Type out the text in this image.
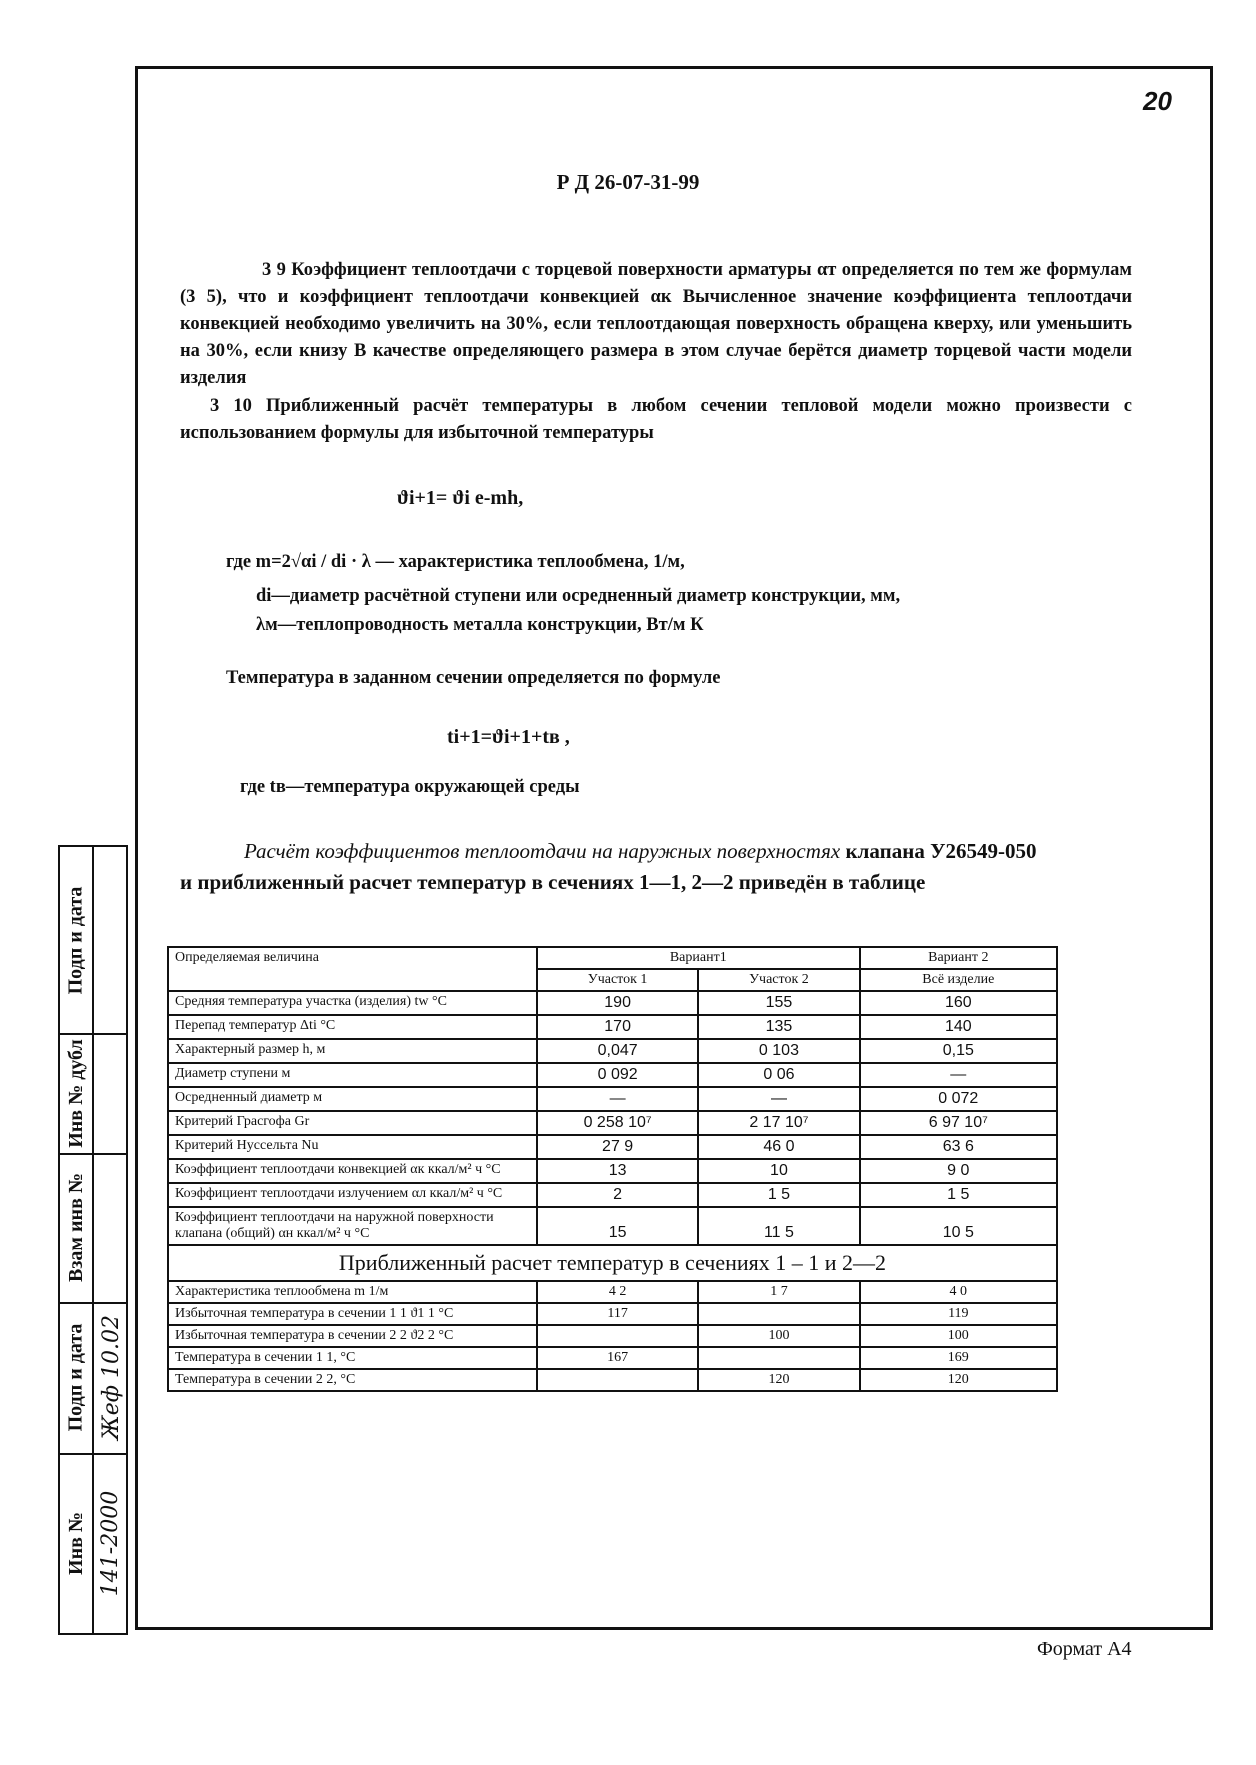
20
Р Д 26-07-31-99

3 9 Коэффициент теплоотдачи с торцевой поверхности арматуры αт определяется по тем же формулам (3 5), что и коэффициент теплоотдачи конвекцией αк Вычисленное значение коэффициента теплоотдачи конвекцией необходимо увеличить на 30%, если теплоотдающая поверхность обращена кверху, или уменьшить на 30%, если книзу В качестве определяющего размера в этом случае берётся диаметр торцевой части модели изделия

3 10 Приближенный расчёт температуры в любом сечении тепловой модели можно произвести с использованием формулы для избыточной температуры

ϑi+1= ϑi e-mh,
где m=2√αi / di · λ — характеристика теплообмена, 1/м,
di—диаметр расчётной ступени или осредненный диаметр конструкции, мм,
λм—теплопроводность металла конструкции, Вт/м К
Температура в заданном сечении определяется по формуле
ti+1=ϑi+1+tв ,
где tв—температура окружающей среды
Расчёт коэффициентов теплоотдачи на наружных поверхностях клапана У26549-050
и приближенный расчет температур в сечениях 1—1, 2—2 приведён в таблице
Определяемая величина	Вариант1		Вариант 2
	Участок 1	Участок 2	Всё изделие
Средняя температура участка (изделия) tw °С	190	155	160
Перепад температур Δti °С	170	135	140
Характерный размер h, м	0,047	0 103	0,15
Диаметр ступени м	0 092	0 06	—
Осредненный диаметр м	—	—	0 072
Критерий Грасгофа Gr	0 258 10⁷	2 17 10⁷	6 97 10⁷
Критерий Нуссельта Nu	27 9	46 0	63 6
Коэффициент теплоотдачи конвекцией αк ккал/м² ч °С	13	10	9 0
Коэффициент теплоотдачи излучением αл ккал/м² ч °С	2	1 5	1 5
Коэффициент теплоотдачи на наружной поверхности клапана (общий) αн ккал/м² ч °С	15	11 5	10 5
Приближенный расчет температур в сечениях 1 – 1 и 2—2			
Характеристика теплообмена m 1/м	4 2	1 7	4 0
Избыточная температура в сечении 1 1 ϑ1 1 °С	117		119
Избыточная температура в сечении 2 2 ϑ2 2 °С		100	100
Температура в сечении 1 1, °С	167		169
Температура в сечении 2 2, °С		120	120
Подп и дата
Инв № дубл
Взам инв №
Подп и дата
Инв №
Жеф 10.02
141-2000
Формат А4
